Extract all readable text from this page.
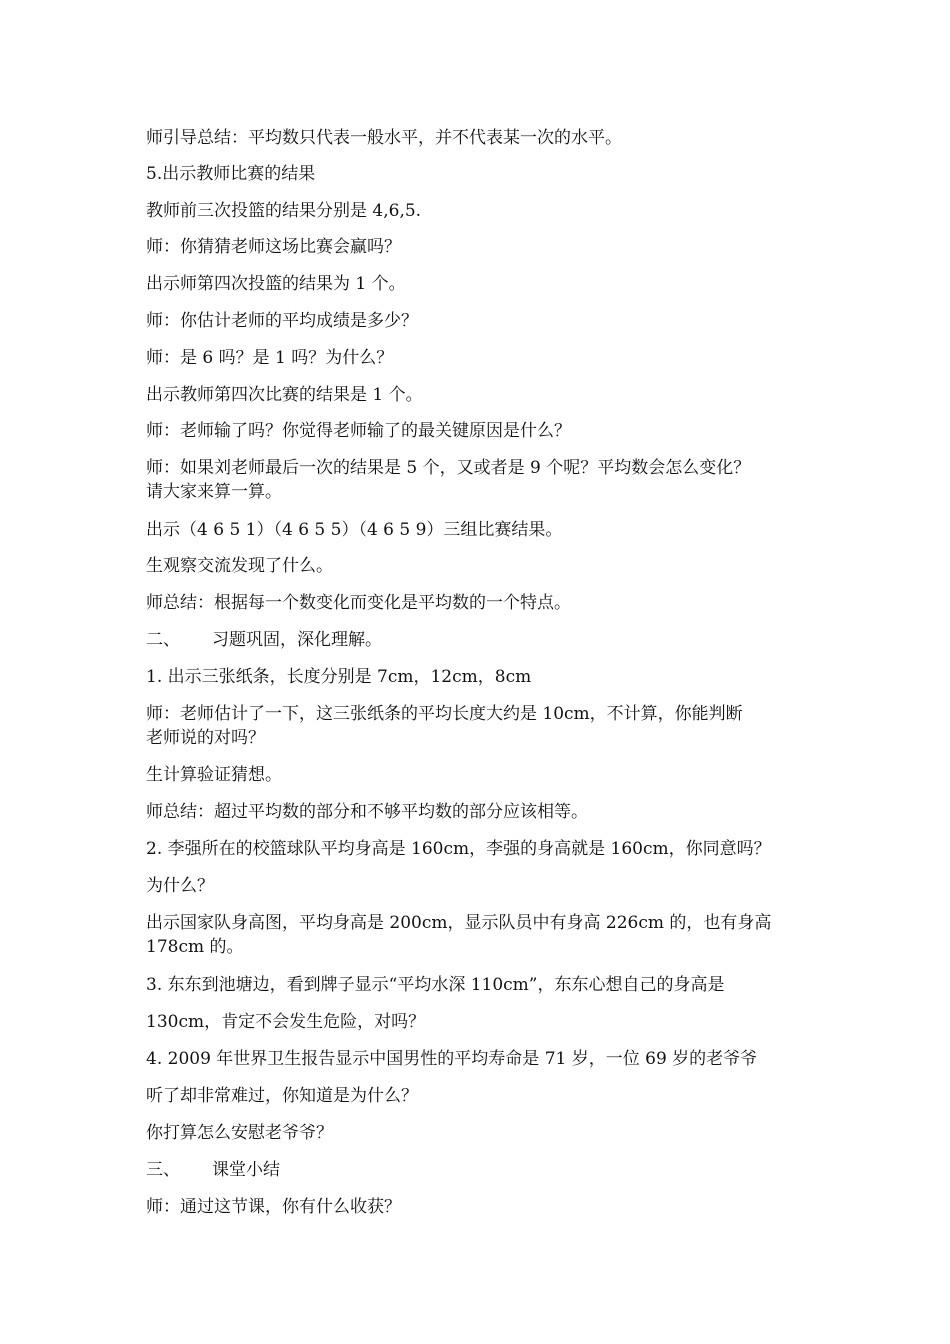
师引导总结：平均数只代表一般水平，并不代表某一次的水平。
5.出示教师比赛的结果
教师前三次投篮的结果分别是 4,6,5.
师：你猜猜老师这场比赛会赢吗？
出示师第四次投篮的结果为 1 个。
师：你估计老师的平均成绩是多少？
师：是 6 吗？是 1 吗？为什么？
出示教师第四次比赛的结果是 1 个。
师：老师输了吗？你觉得老师输了的最关键原因是什么？
师：如果刘老师最后一次的结果是 5 个，又或者是 9 个呢？平均数会怎么变化？
请大家来算一算。
出示（4 6 5 1）（4 6 5 5）（4 6 5 9）三组比赛结果。
生观察交流发现了什么。
师总结：根据每一个数变化而变化是平均数的一个特点。
二、 习题巩固，深化理解。
1. 出示三张纸条，长度分别是 7cm，12cm，8cm
师：老师估计了一下，这三张纸条的平均长度大约是 10cm，不计算，你能判断
老师说的对吗？
生计算验证猜想。
师总结：超过平均数的部分和不够平均数的部分应该相等。
2. 李强所在的校篮球队平均身高是 160cm，李强的身高就是 160cm，你同意吗？
为什么？
出示国家队身高图，平均身高是 200cm，显示队员中有身高 226cm 的，也有身高
178cm 的。
3. 东东到池塘边，看到牌子显示“平均水深 110cm”，东东心想自己的身高是
130cm，肯定不会发生危险，对吗？
4. 2009 年世界卫生报告显示中国男性的平均寿命是 71 岁，一位 69 岁的老爷爷
听了却非常难过，你知道是为什么？
你打算怎么安慰老爷爷？
三、 课堂小结
师：通过这节课，你有什么收获？
